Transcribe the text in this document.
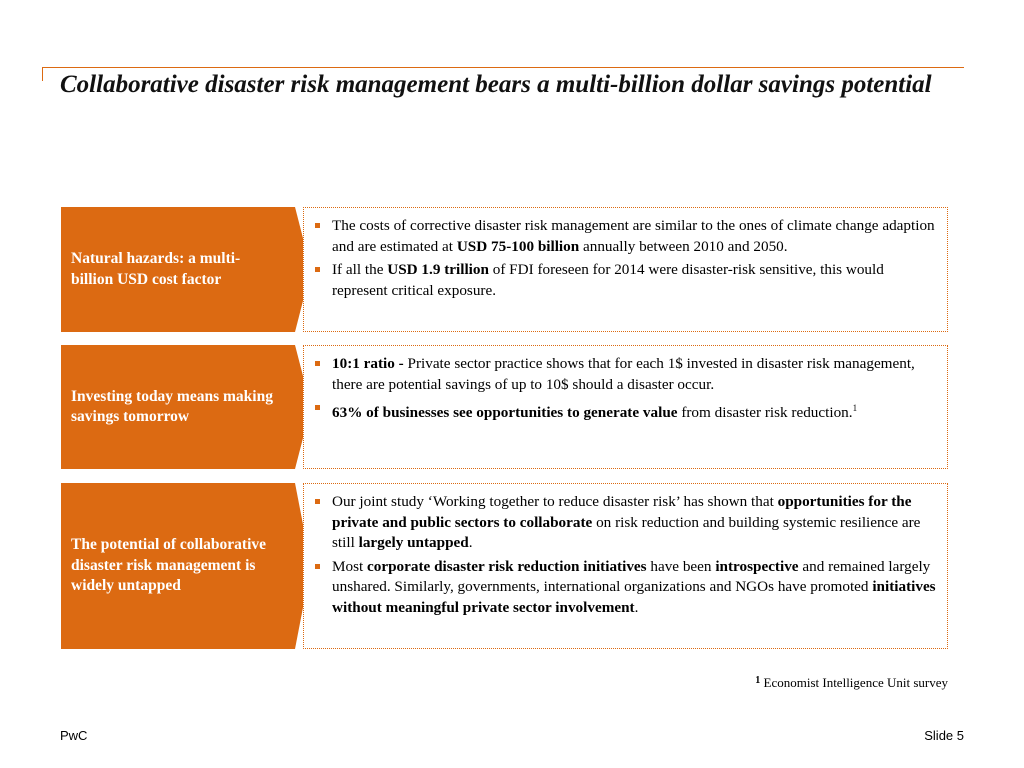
Collaborative disaster risk management bears a multi-billion dollar savings potential
Natural hazards: a multi-billion USD cost factor
The costs of corrective disaster risk management are similar to the ones of climate change adaption and are estimated at USD 75-100 billion annually between 2010 and 2050.
If all the USD 1.9 trillion of FDI foreseen for 2014 were disaster-risk sensitive, this would represent critical exposure.
Investing today means making savings tomorrow
10:1 ratio - Private sector practice shows that for each 1$ invested in disaster risk management, there are potential savings of up to 10$ should a disaster occur.
63% of businesses see opportunities to generate value from disaster risk reduction.$^1$
The potential of collaborative disaster risk management is widely untapped
Our joint study ‘Working together to reduce disaster risk’ has shown that opportunities for the private and public sectors to collaborate on risk reduction and building systemic resilience are still largely untapped.
Most corporate disaster risk reduction initiatives have been introspective and remained largely unshared. Similarly, governments, international organizations and NGOs have promoted initiatives without meaningful private sector involvement.
$^1$ Economist Intelligence Unit survey
PwC	Slide 5
